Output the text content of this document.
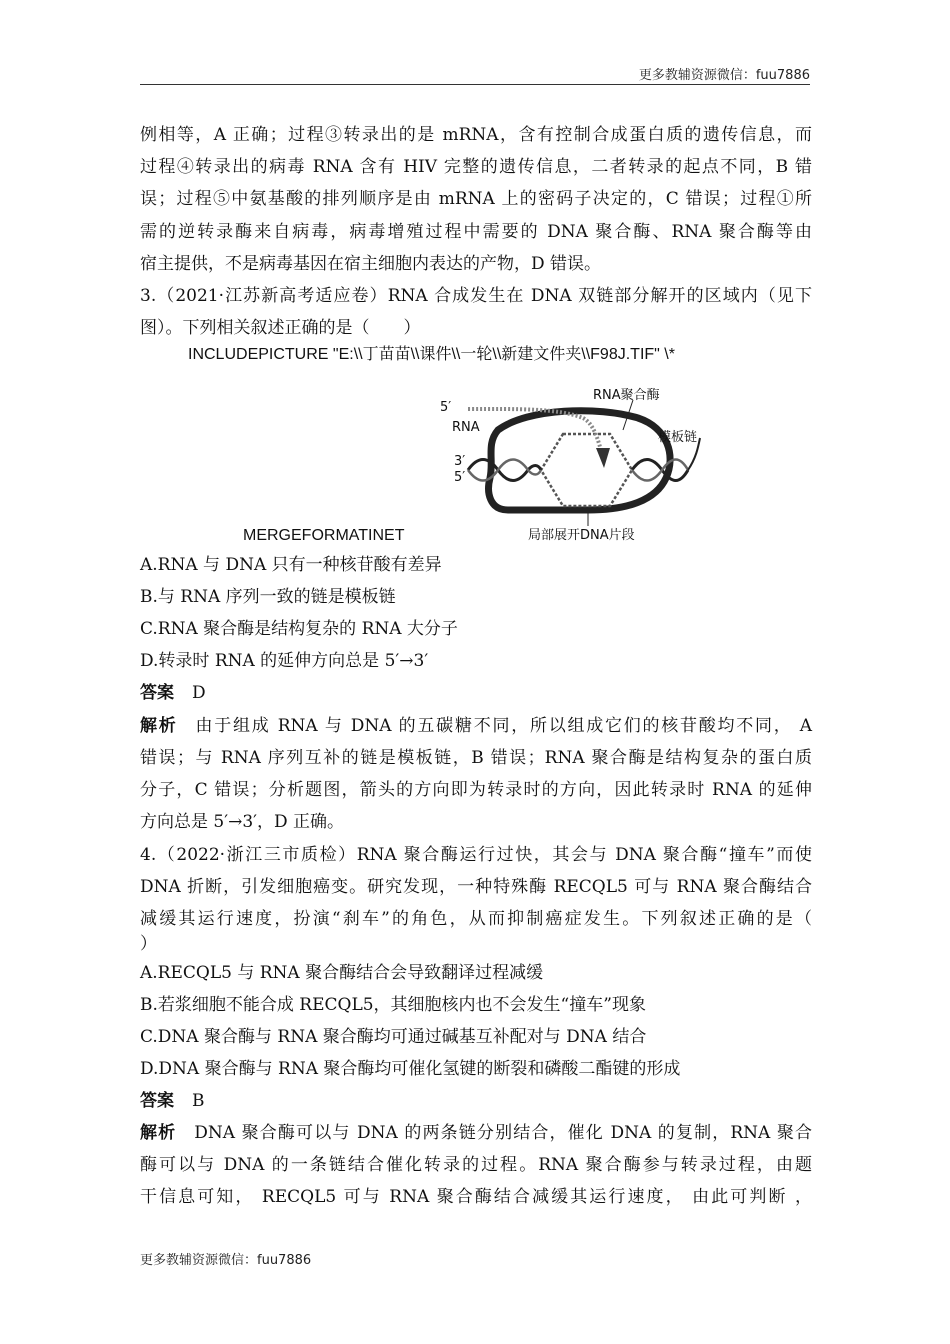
更多教辅资源微信：fuu7886
例相等，A 正确；过程③转录出的是 mRNA，含有控制合成蛋白质的遗传信息，而
过程④转录出的病毒 RNA 含有 HIV 完整的遗传信息，二者转录的起点不同，B 错
误；过程⑤中氨基酸的排列顺序是由 mRNA 上的密码子决定的，C 错误；过程①所
需的逆转录酶来自病毒，病毒增殖过程中需要的 DNA 聚合酶、RNA 聚合酶等由
宿主提供，不是病毒基因在宿主细胞内表达的产物，D 错误。
3.（2021·江苏新高考适应卷）RNA 合成发生在 DNA 双链部分解开的区域内（见下
图）。下列相关叙述正确的是（　　）
INCLUDEPICTURE "E:\\丁苗苗\\课件\\一轮\\新建文件夹\\F98J.TIF" \*
RNA聚合酶
5′
RNA
模板链
3′
5′
局部展开DNA片段
MERGEFORMATINET
A.RNA 与 DNA 只有一种核苷酸有差异
B.与 RNA 序列一致的链是模板链
C.RNA 聚合酶是结构复杂的 RNA 大分子
D.转录时 RNA 的延伸方向总是 5′→3′
答案 D
解析 由于组成 RNA 与 DNA 的五碳糖不同，所以组成它们的核苷酸均不同， A
错误；与 RNA 序列互补的链是模板链，B 错误；RNA 聚合酶是结构复杂的蛋白质
分子，C 错误；分析题图，箭头的方向即为转录时的方向，因此转录时 RNA 的延伸
方向总是 5′→3′，D 正确。
4.（2022·浙江三市质检）RNA 聚合酶运行过快，其会与 DNA 聚合酶“撞车”而使
DNA 折断，引发细胞癌变。研究发现，一种特殊酶 RECQL5 可与 RNA 聚合酶结合
减缓其运行速度，扮演“刹车”的角色，从而抑制癌症发生。下列叙述正确的是（
）
A.RECQL5 与 RNA 聚合酶结合会导致翻译过程减缓
B.若浆细胞不能合成 RECQL5，其细胞核内也不会发生“撞车”现象
C.DNA 聚合酶与 RNA 聚合酶均可通过碱基互补配对与 DNA 结合
D.DNA 聚合酶与 RNA 聚合酶均可催化氢键的断裂和磷酸二酯键的形成
答案 B
解析 DNA 聚合酶可以与 DNA 的两条链分别结合，催化 DNA 的复制，RNA 聚合
酶可以与 DNA 的一条链结合催化转录的过程。RNA 聚合酶参与转录过程，由题
干信息可知， RECQL5 可与 RNA 聚合酶结合减缓其运行速度， 由此可判断 ，
更多教辅资源微信：fuu7886
